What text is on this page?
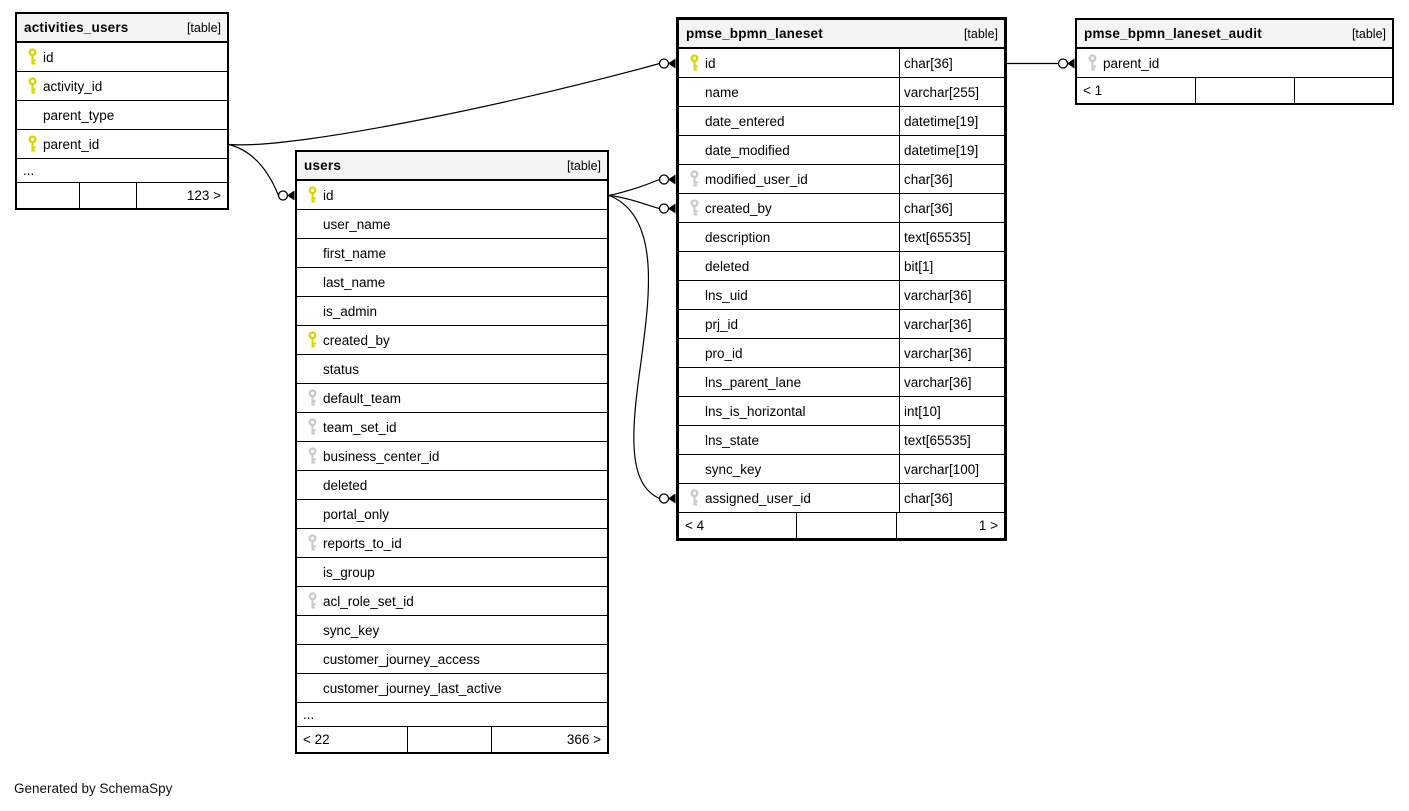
activities_users	[table]
id
activity_id
parent_type
parent_id
...
123 >
users	[table]
id
user_name
first_name
last_name
is_admin
created_by
status
default_team
team_set_id
business_center_id
deleted
portal_only
reports_to_id
is_group
acl_role_set_id
sync_key
customer_journey_access
customer_journey_last_active
...
< 22	366 >
pmse_bpmn_laneset	[table]
id	char[36]
name	varchar[255]
date_entered	datetime[19]
date_modified	datetime[19]
modified_user_id	char[36]
created_by	char[36]
description	text[65535]
deleted	bit[1]
lns_uid	varchar[36]
prj_id	varchar[36]
pro_id	varchar[36]
lns_parent_lane	varchar[36]
lns_is_horizontal	int[10]
lns_state	text[65535]
sync_key	varchar[100]
assigned_user_id	char[36]
< 4	1 >
pmse_bpmn_laneset_audit	[table]
parent_id
< 1
Generated by SchemaSpy
